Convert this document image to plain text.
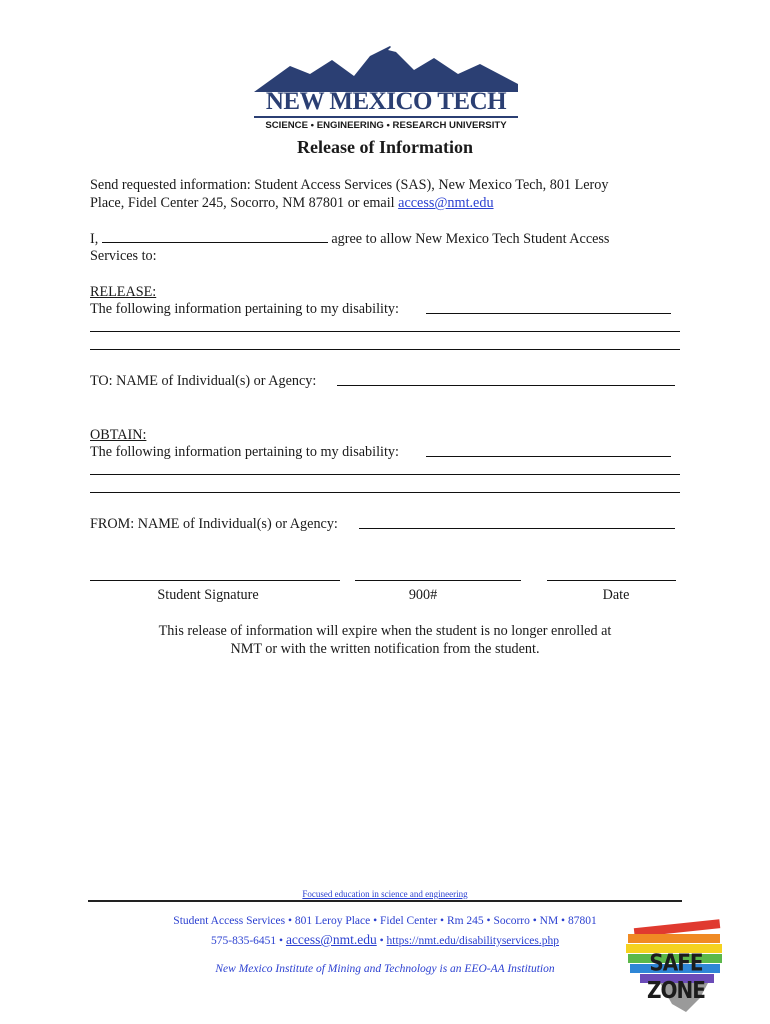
NEW MEXICO TECH
SCIENCE • ENGINEERING • RESEARCH UNIVERSITY
Release of Information
Send requested information: Student Access Services (SAS), New Mexico Tech, 801 Leroy
Place, Fidel Center 245, Socorro, NM 87801 or email access@nmt.edu
I,	agree to allow New Mexico Tech Student Access
Services to:
RELEASE:
The following information pertaining to my disability:
TO: NAME of Individual(s) or Agency:
OBTAIN:
The following information pertaining to my disability:
FROM: NAME of Individual(s) or Agency:
Student Signature	900#	Date
This release of information will expire when the student is no longer enrolled at
NMT or with the written notification from the student.
Focused education in science and engineering
Student Access Services • 801 Leroy Place • Fidel Center • Rm 245 • Socorro • NM • 87801
575-835-6451 • access@nmt.edu • https://nmt.edu/disabilityservices.php
New Mexico Institute of Mining and Technology is an EEO-AA Institution	SAFE ZONE
